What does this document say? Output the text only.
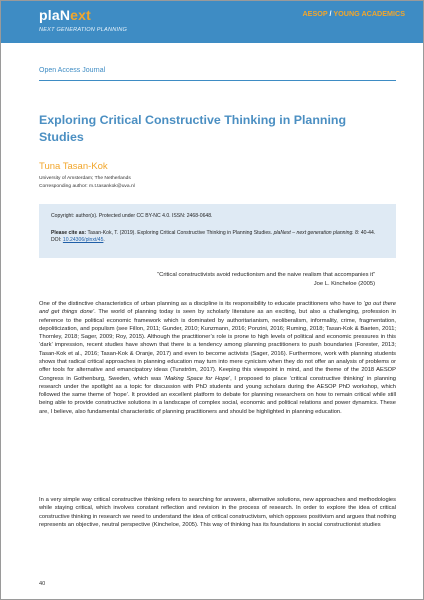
plaNext
NEXT GENERATION PLANNING
AESOP / YOUNG ACADEMICS
Open Access Journal
Exploring Critical Constructive Thinking in Planning Studies
Tuna Tasan-Kok
University of Amsterdam; The Netherlands
Corresponding author: m.t.tasankok@uva.nl
Copyright: author(s). Protected under CC BY-NC 4.0. ISSN: 2468-0648.
Please cite as: Tasan-Kok, T. (2019). Exploring Critical Constructive Thinking in Planning Studies. plaNext – next generation planning. 8: 40-44. DOI: 10.24306/plnxt/45.
“Critical constructivists avoid reductionism and the naive realism that accompanies it”
Joe L. Kincheloe (2005)

One of the distinctive characteristics of urban planning as a discipline is its responsibility to educate practitioners who have to ‘go out there and get things done’. The world of planning today is seen by scholarly literature as an exciting, but also a challenging, profession in reference to the political economic framework which is dominated by authoritarianism, neoliberalism, informality, crime, fragmentation, depoliticization, and populism (see Fillon, 2011; Gunder, 2010; Kunzmann, 2016; Ponzini, 2016; Ruming, 2018; Tasan-Kok & Baeten, 2011; Thornley, 2018; Sager, 2009; Roy, 2015). Although the practitioner’s role is prone to high levels of political and economic pressures in this ‘dark’ impression, recent studies have shown that there is a tendency among planning practitioners to push boundaries (Forester, 2013; Tasan-Kok et al., 2016; Tasan-Kok & Oranje, 2017) and even to become activists (Sager, 2016). Furthermore, work with planning students shows that radical critical approaches in planning education may turn into mere cynicism when they do not offer an analysis of problems or offer tools for alternative and emancipatory ideas (Tunström, 2017). Keeping this viewpoint in mind, and the theme of the 2018 AESOP Congress in Gothenburg, Sweden, which was ‘Making Space for Hope’, I proposed to place ‘critical constructive thinking’ in planning research under the spotlight as a topic for discussion with PhD students and young scholars during the AESOP PhD workshop, which followed the same theme of ‘hope’. It provided an excellent platform to debate for planning researchers on how to remain critical while still being able to provide constructive solutions in a landscape of complex social, economic and political relations and power dynamics. These are, I believe, also fundamental characteristic of planning practitioners and should be highlighted in planning education.

In a very simple way critical constructive thinking refers to searching for answers, alternative solutions, new approaches and methodologies while staying critical, which involves constant reflection and revision in the process of research. In order to explore the idea of critical constructive thinking in research we need to understand the idea of critical constructivism, which opposes positivism and argues that nothing represents an objective, neutral perspective (Kincheloe, 2005). This way of thinking has its foundations in social constructionist studies

40
